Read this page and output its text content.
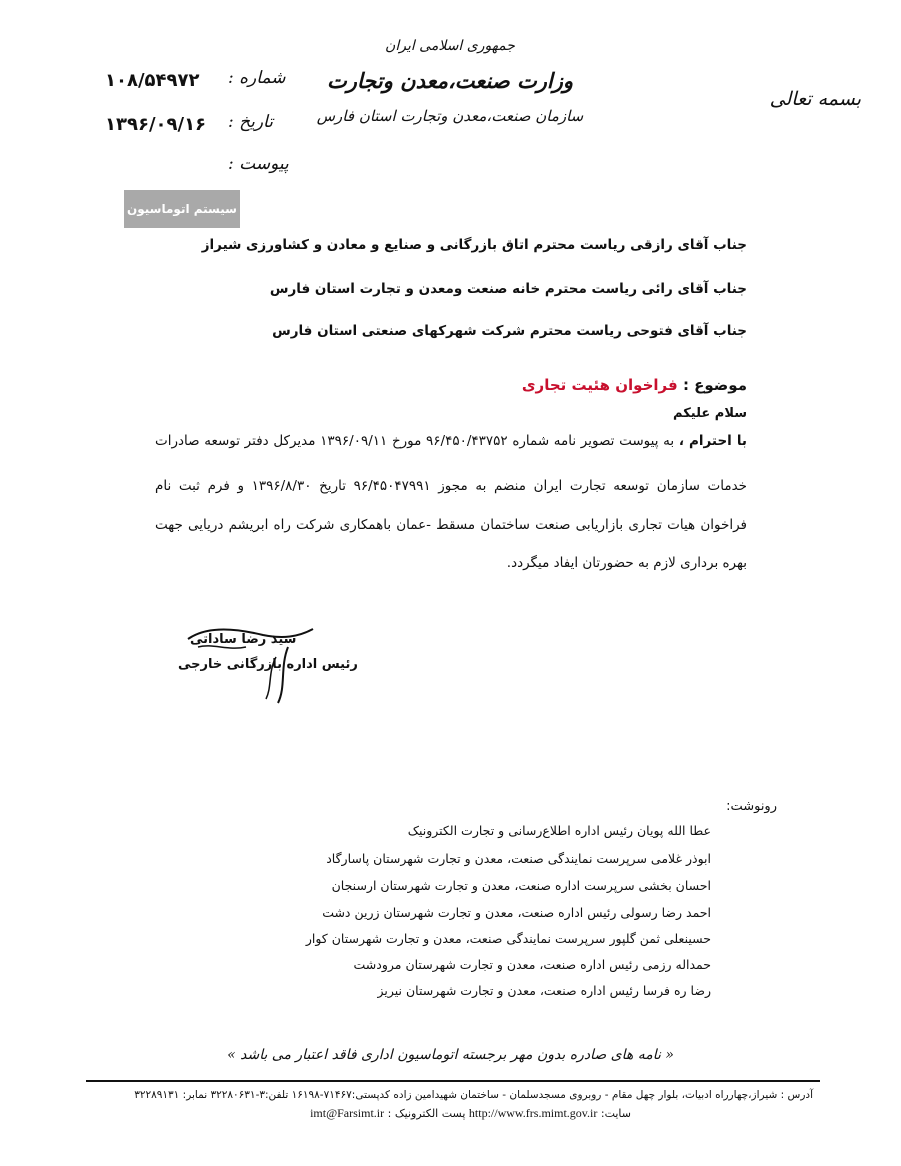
بسمه تعالی
جمهوری اسلامی ایران
وزارت صنعت،معدن وتجارت
سازمان صنعت،معدن وتجارت استان فارس
شماره :
تاریخ :
پیوست :
۱۰۸/۵۴۹۷۲
۱۳۹۶/۰۹/۱۶
سیستم اتوماسیون
جناب آقای رازقی ریاست محترم اتاق بازرگانی و صنایع و معادن و کشاورزی شیراز
جناب آقای رائی ریاست محترم خانه صنعت ومعدن و تجارت استان فارس
جناب آقای فتوحی ریاست محترم شرکت شهرکهای صنعتی استان فارس
موضوع : فراخوان هئیت تجاری
سلام علیکم
با احترام ، به پیوست تصویر نامه شماره ۹۶/۴۵۰/۴۳۷۵۲ مورخ ۱۳۹۶/۰۹/۱۱ مدیرکل دفتر توسعه صادرات
خدمات سازمان توسعه تجارت ایران منضم به مجوز ۹۶/۴۵۰۴۷۹۹۱ تاریخ ۱۳۹۶/۸/۳۰ و فرم ثبت نام
فراخوان هیات تجاری بازاریابی صنعت ساختمان مسقط -عمان باهمکاری شرکت راه ابریشم دریایی جهت
بهره برداری لازم به حضورتان ایفاد میگردد.
سید رضا ساداتی
رئیس اداره بازرگانی خارجی
رونوشت:
عطا الله پویان رئیس اداره اطلاع‌رسانی و تجارت الکترونیک
ابوذر غلامی سرپرست نمایندگی صنعت، معدن و تجارت شهرستان پاسارگاد
احسان بخشی سرپرست اداره صنعت، معدن و تجارت شهرستان ارسنجان
احمد رضا رسولی رئیس اداره صنعت، معدن و تجارت شهرستان زرین دشت
حسینعلی ثمن گلپور سرپرست نمایندگی صنعت، معدن و تجارت شهرستان کوار
حمداله رزمی رئیس اداره صنعت، معدن و تجارت شهرستان مرودشت
رضا ره فرسا رئیس اداره صنعت، معدن و تجارت شهرستان نیریز
« نامه های صادره بدون مهر برجسته اتوماسیون اداری فاقد اعتبار می باشد »
آدرس : شیراز،چهارراه ادبیات، بلوار چهل مقام - روبروی مسجدسلمان - ساختمان شهیدامین زاده کدپستی:۷۱۴۶۷-۱۶۱۹۸ تلفن:۳-۳۲۲۸۰۶۳۱ نمابر: ۳۲۲۸۹۱۳۱
سایت: http://www.frs.mimt.gov.ir پست الکترونیک : imt@Farsimt.ir
